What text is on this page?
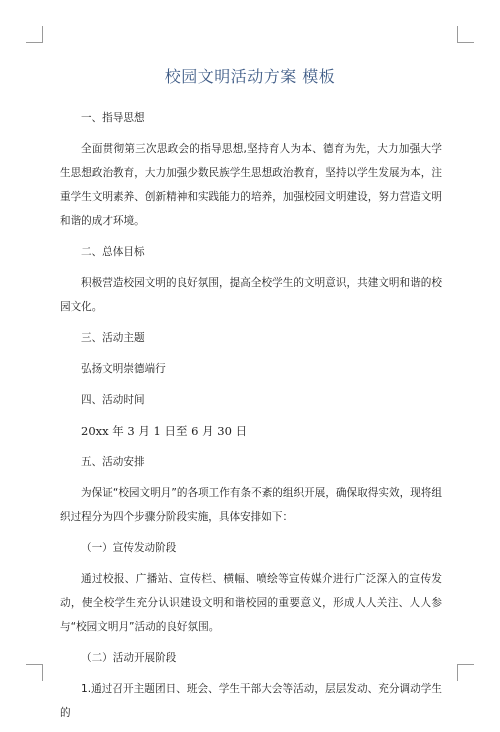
校园文明活动方案 模板

一、指导思想

全面贯彻第三次思政会的指导思想,坚持育人为本、德育为先，大力加强大学生思想政治教育，大力加强少数民族学生思想政治教育，坚持以学生发展为本，注重学生文明素养、创新精神和实践能力的培养，加强校园文明建设，努力营造文明和谐的成才环境。

二、总体目标

积极营造校园文明的良好氛围，提高全校学生的文明意识，共建文明和谐的校园文化。

三、活动主题

弘扬文明崇德端行

四、活动时间

20xx 年 3 月 1 日至 6 月 30 日

五、活动安排

为保证“校园文明月”的各项工作有条不紊的组织开展，确保取得实效，现将组织过程分为四个步骤分阶段实施，具体安排如下：

（一）宣传发动阶段

通过校报、广播站、宣传栏、横幅、喷绘等宣传媒介进行广泛深入的宣传发动，使全校学生充分认识建设文明和谐校园的重要意义，形成人人关注、人人参与“校园文明月”活动的良好氛围。

（二）活动开展阶段

1.通过召开主题团日、班会、学生干部大会等活动，层层发动、充分调动学生的
